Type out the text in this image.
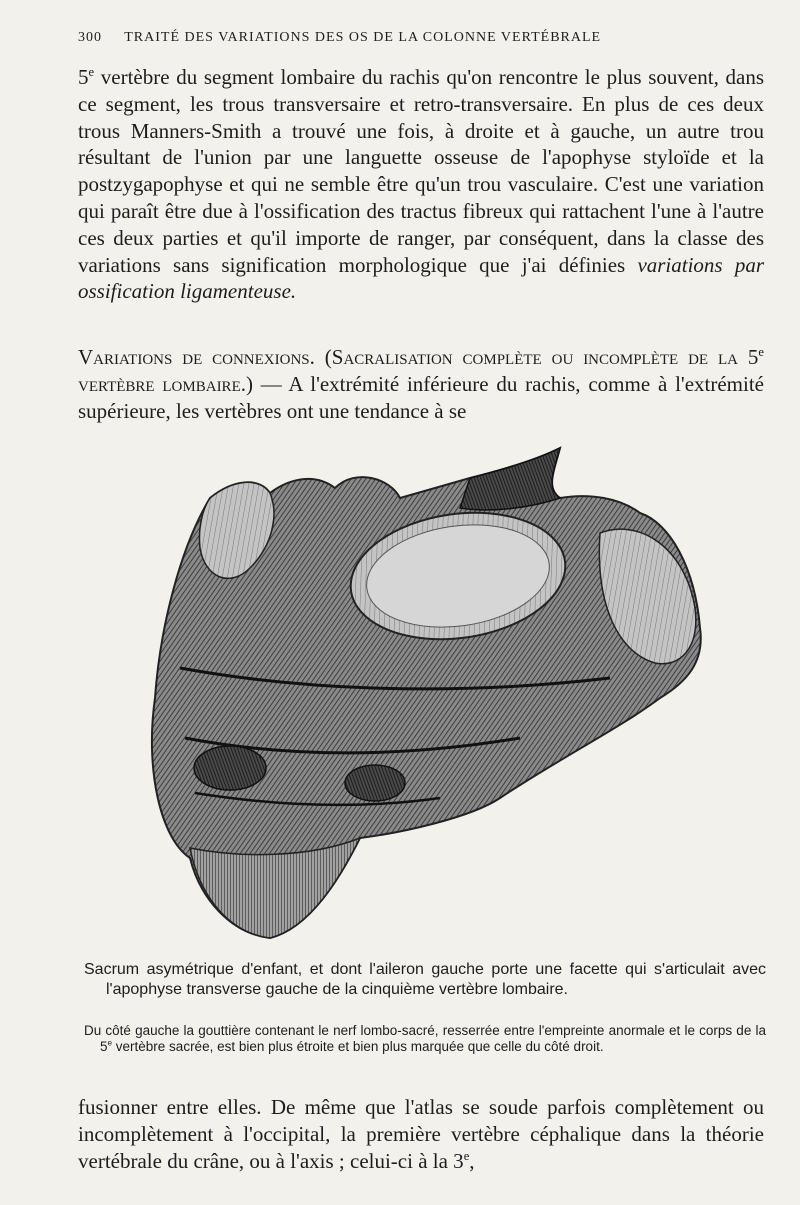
300 TRAITÉ DES VARIATIONS DES OS DE LA COLONNE VERTÉBRALE
5e vertèbre du segment lombaire du rachis qu'on rencontre le plus souvent, dans ce segment, les trous transversaire et retro-transversaire. En plus de ces deux trous Manners-Smith a trouvé une fois, à droite et à gauche, un autre trou résultant de l'union par une languette osseuse de l'apophyse styloïde et la postzygapophyse et qui ne semble être qu'un trou vasculaire. C'est une variation qui paraît être due à l'ossification des tractus fibreux qui rattachent l'une à l'autre ces deux parties et qu'il importe de ranger, par conséquent, dans la classe des variations sans signification morphologique que j'ai définies variations par ossification ligamenteuse.
Variations de connexions. (Sacralisation complète ou incomplète de la 5e vertèbre lombaire.) — A l'extrémité inférieure du rachis, comme à l'extrémité supérieure, les vertèbres ont une tendance à se
Sacrum asymétrique d'enfant, et dont l'aileron gauche porte une facette qui s'articulait avec l'apophyse transverse gauche de la cinquième vertèbre lombaire.
Du côté gauche la gouttière contenant le nerf lombo-sacré, resserrée entre l'empreinte anormale et le corps de la 5e vertèbre sacrée, est bien plus étroite et bien plus marquée que celle du côté droit.
fusionner entre elles. De même que l'atlas se soude parfois complètement ou incomplètement à l'occipital, la première vertèbre céphalique dans la théorie vertébrale du crâne, ou à l'axis ; celui-ci à la 3e,
